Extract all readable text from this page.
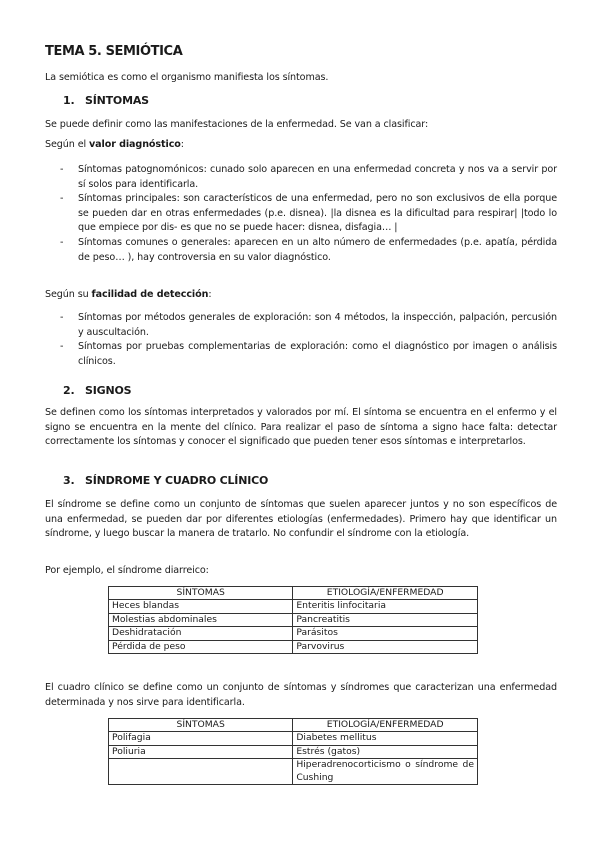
TEMA 5. SEMIÓTICA
La semiótica es como el organismo manifiesta los síntomas.
1. SÍNTOMAS
Se puede definir como las manifestaciones de la enfermedad. Se van a clasificar:
Según el valor diagnóstico:
- Síntomas patognomónicos: cunado solo aparecen en una enfermedad concreta y nos va a servir por sí solos para identificarla.
- Síntomas principales: son característicos de una enfermedad, pero no son exclusivos de ella porque se pueden dar en otras enfermedades (p.e. disnea). |la disnea es la dificultad para respirar| |todo lo que empiece por dis- es que no se puede hacer: disnea, disfagia… |
- Síntomas comunes o generales: aparecen en un alto número de enfermedades (p.e. apatía, pérdida de peso… ), hay controversia en su valor diagnóstico.
Según su facilidad de detección:
- Síntomas por métodos generales de exploración: son 4 métodos, la inspección, palpación, percusión y auscultación.
- Síntomas por pruebas complementarias de exploración: como el diagnóstico por imagen o análisis clínicos.
2. SIGNOS
Se definen como los síntomas interpretados y valorados por mí. El síntoma se encuentra en el enfermo y el signo se encuentra en la mente del clínico. Para realizar el paso de síntoma a signo hace falta: detectar correctamente los síntomas y conocer el significado que pueden tener esos síntomas e interpretarlos.
3. SÍNDROME Y CUADRO CLÍNICO
El síndrome se define como un conjunto de síntomas que suelen aparecer juntos y no son específicos de una enfermedad, se pueden dar por diferentes etiologías (enfermedades). Primero hay que identificar un síndrome, y luego buscar la manera de tratarlo. No confundir el síndrome con la etiología.
Por ejemplo, el síndrome diarreico:
SÍNTOMAS	ETIOLOGÍA/ENFERMEDAD
Heces blandas	Enteritis linfocitaria
Molestias abdominales	Pancreatitis
Deshidratación	Parásitos
Pérdida de peso	Parvovirus
El cuadro clínico se define como un conjunto de síntomas y síndromes que caracterizan una enfermedad determinada y nos sirve para identificarla.
SÍNTOMAS	ETIOLOGÍA/ENFERMEDAD
Polifagia	Diabetes mellitus
Poliuria	Estrés (gatos)
	Hiperadrenocorticismo o síndrome de Cushing
